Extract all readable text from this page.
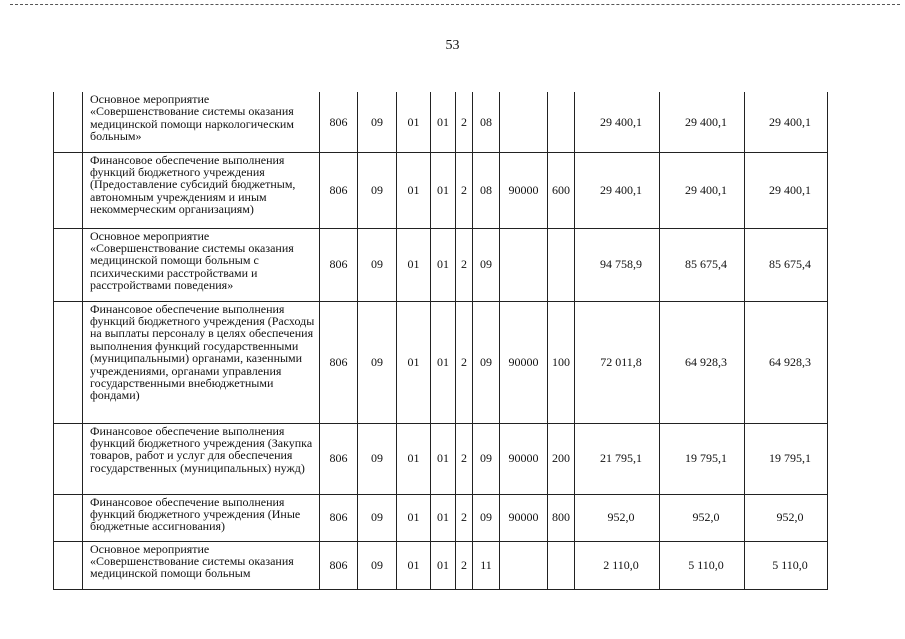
53
	Основное мероприятие «Совершенствование системы оказания медицинской помощи наркологическим больным»	806	09	01	01	2	08			29 400,1	29 400,1	29 400,1
	Финансовое обеспечение выполнения функций бюджетного учреждения (Предоставление субсидий бюджетным, автономным учреждениям и иным некоммерческим организациям)	806	09	01	01	2	08	90000	600	29 400,1	29 400,1	29 400,1
	Основное мероприятие «Совершенствование системы оказания медицинской помощи больным с психическими расстройствами и расстройствами поведения»	806	09	01	01	2	09			94 758,9	85 675,4	85 675,4
	Финансовое обеспечение выполнения функций бюджетного учреждения (Расходы на выплаты персоналу в целях обеспечения выполнения функций государственными (муниципальными) органами, казенными учреждениями, органами управления государственными внебюджетными фондами)	806	09	01	01	2	09	90000	100	72 011,8	64 928,3	64 928,3
	Финансовое обеспечение выполнения функций бюджетного учреждения (Закупка товаров, работ и услуг для обеспечения государственных (муниципальных) нужд)	806	09	01	01	2	09	90000	200	21 795,1	19 795,1	19 795,1
	Финансовое обеспечение выполнения функций бюджетного учреждения (Иные бюджетные ассигнования)	806	09	01	01	2	09	90000	800	952,0	952,0	952,0
	Основное мероприятие «Совершенствование системы оказания медицинской помощи больным	806	09	01	01	2	11			2 110,0	5 110,0	5 110,0
